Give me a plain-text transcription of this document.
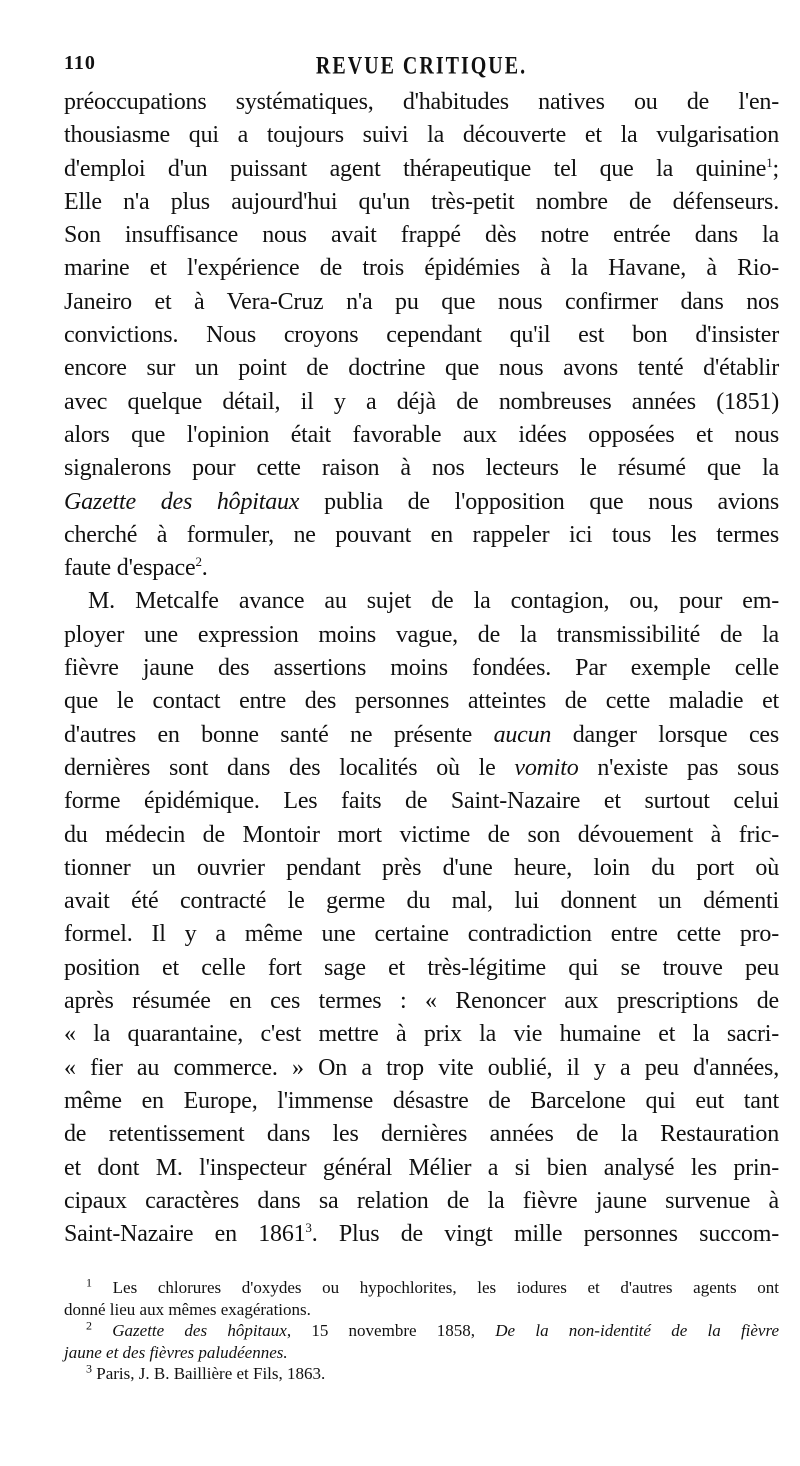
110	REVUE CRITIQUE.
préoccupations systématiques, d'habitudes natives ou de l'en-
thousiasme qui a toujours suivi la découverte et la vulgarisation
d'emploi d'un puissant agent thérapeutique tel que la quinine$^1$;
Elle n'a plus aujourd'hui qu'un très-petit nombre de défenseurs.
Son insuffisance nous avait frappé dès notre entrée dans la
marine et l'expérience de trois épidémies à la Havane, à Rio-
Janeiro et à Vera-Cruz n'a pu que nous confirmer dans nos
convictions. Nous croyons cependant qu'il est bon d'insister
encore sur un point de doctrine que nous avons tenté d'établir
avec quelque détail, il y a déjà de nombreuses années (1851)
alors que l'opinion était favorable aux idées opposées et nous
signalerons pour cette raison à nos lecteurs le résumé que la
Gazette des hôpitaux publia de l'opposition que nous avions
cherché à formuler, ne pouvant en rappeler ici tous les termes
faute d'espace$^2$.
M. Metcalfe avance au sujet de la contagion, ou, pour em-
ployer une expression moins vague, de la transmissibilité de la
fièvre jaune des assertions moins fondées. Par exemple celle
que le contact entre des personnes atteintes de cette maladie et
d'autres en bonne santé ne présente aucun danger lorsque ces
dernières sont dans des localités où le vomito n'existe pas sous
forme épidémique. Les faits de Saint-Nazaire et surtout celui
du médecin de Montoir mort victime de son dévouement à fric-
tionner un ouvrier pendant près d'une heure, loin du port où
avait été contracté le germe du mal, lui donnent un démenti
formel. Il y a même une certaine contradiction entre cette pro-
position et celle fort sage et très-légitime qui se trouve peu
après résumée en ces termes : « Renoncer aux prescriptions de
« la quarantaine, c'est mettre à prix la vie humaine et la sacri-
« fier au commerce. » On a trop vite oublié, il y a peu d'années,
même en Europe, l'immense désastre de Barcelone qui eut tant
de retentissement dans les dernières années de la Restauration
et dont M. l'inspecteur général Mélier a si bien analysé les prin-
cipaux caractères dans sa relation de la fièvre jaune survenue à
Saint-Nazaire en 1861$^3$. Plus de vingt mille personnes succom-
$^1$ Les chlorures d'oxydes ou hypochlorites, les iodures et d'autres agents ont
donné lieu aux mêmes exagérations.
$^2$ Gazette des hôpitaux, 15 novembre 1858, De la non-identité de la fièvre
jaune et des fièvres paludéennes.
$^3$ Paris, J. B. Baillière et Fils, 1863.
